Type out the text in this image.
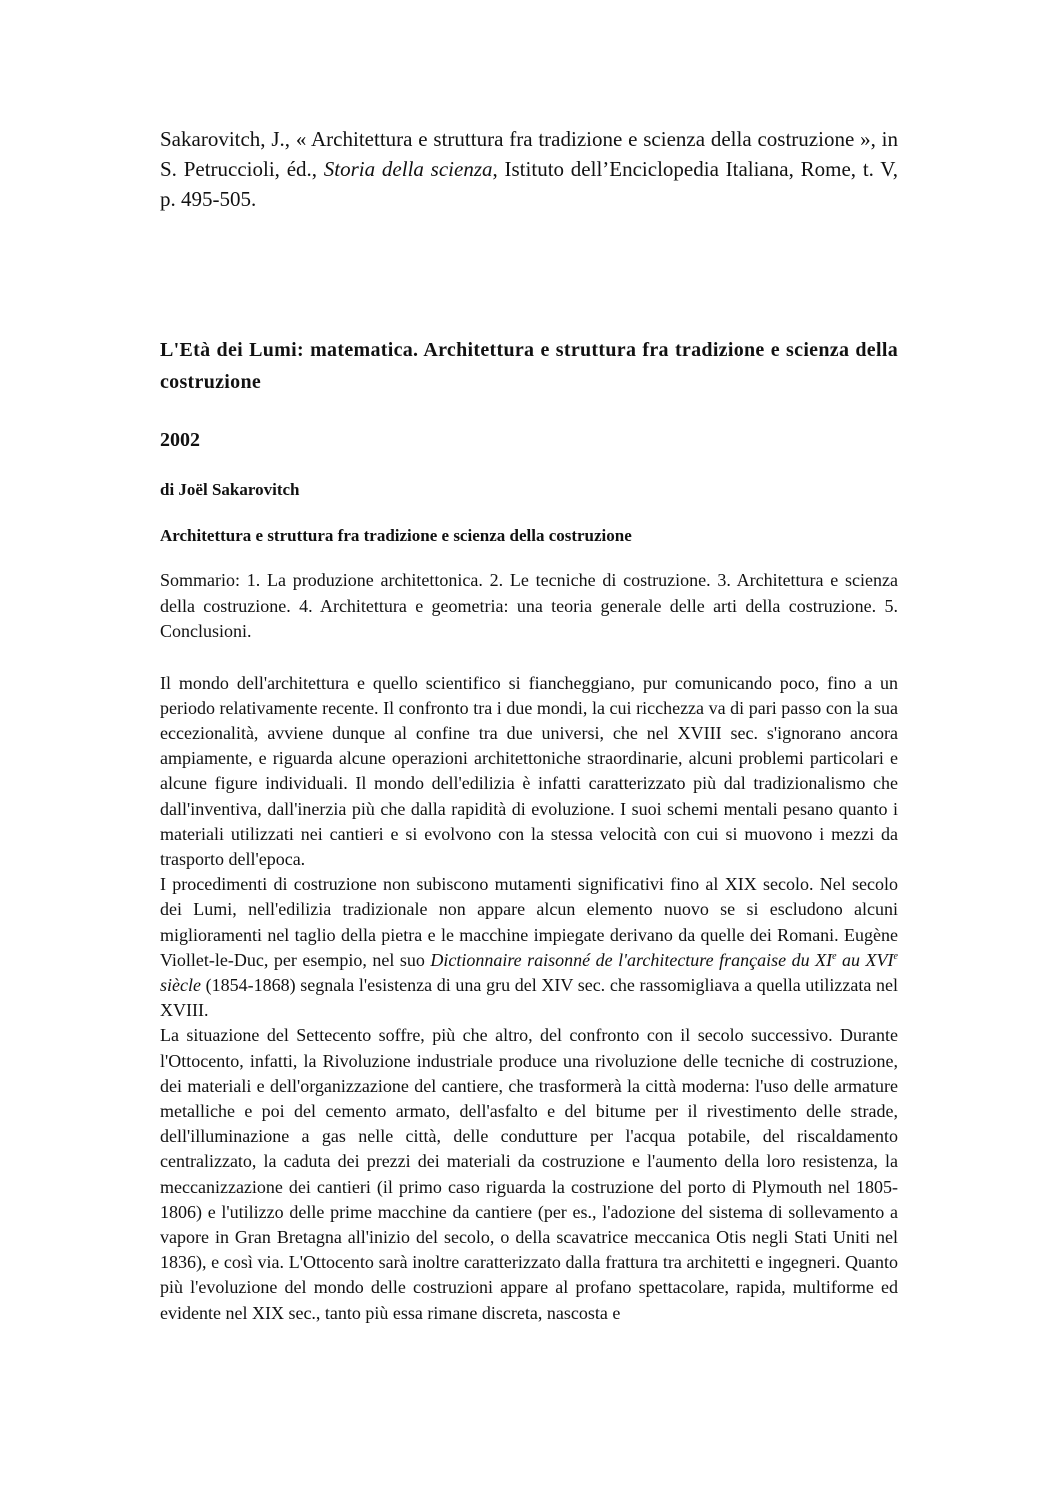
Sakarovitch, J., « Architettura e struttura fra tradizione e scienza della costruzione », in S. Petruccioli, éd., Storia della scienza, Istituto dell’Enciclopedia Italiana, Rome, t. V, p. 495-505.

L'Età dei Lumi: matematica. Architettura e struttura fra tradizione e scienza della costruzione
2002
di Joël Sakarovitch
Architettura e struttura fra tradizione e scienza della costruzione

Sommario: 1. La produzione architettonica. 2. Le tecniche di costruzione. 3. Architettura e scienza della costruzione. 4. Architettura e geometria: una teoria generale delle arti della costruzione. 5. Conclusioni.

Il mondo dell'architettura e quello scientifico si fiancheggiano, pur comunicando poco, fino a un periodo relativamente recente. Il confronto tra i due mondi, la cui ricchezza va di pari passo con la sua eccezionalità, avviene dunque al confine tra due universi, che nel XVIII sec. s'ignorano ancora ampiamente, e riguarda alcune operazioni architettoniche straordinarie, alcuni problemi particolari e alcune figure individuali. Il mondo dell'edilizia è infatti caratterizzato più dal tradizionalismo che dall'inventiva, dall'inerzia più che dalla rapidità di evoluzione. I suoi schemi mentali pesano quanto i materiali utilizzati nei cantieri e si evolvono con la stessa velocità con cui si muovono i mezzi da trasporto dell'epoca.

I procedimenti di costruzione non subiscono mutamenti significativi fino al XIX secolo. Nel secolo dei Lumi, nell'edilizia tradizionale non appare alcun elemento nuovo se si escludono alcuni miglioramenti nel taglio della pietra e le macchine impiegate derivano da quelle dei Romani. Eugène Viollet-le-Duc, per esempio, nel suo Dictionnaire raisonné de l'architecture française du XIe au XVIe siècle (1854-1868) segnala l'esistenza di una gru del XIV sec. che rassomigliava a quella utilizzata nel XVIII.

La situazione del Settecento soffre, più che altro, del confronto con il secolo successivo. Durante l'Ottocento, infatti, la Rivoluzione industriale produce una rivoluzione delle tecniche di costruzione, dei materiali e dell'organizzazione del cantiere, che trasformerà la città moderna: l'uso delle armature metalliche e poi del cemento armato, dell'asfalto e del bitume per il rivestimento delle strade, dell'illuminazione a gas nelle città, delle condutture per l'acqua potabile, del riscaldamento centralizzato, la caduta dei prezzi dei materiali da costruzione e l'aumento della loro resistenza, la meccanizzazione dei cantieri (il primo caso riguarda la costruzione del porto di Plymouth nel 1805-1806) e l'utilizzo delle prime macchine da cantiere (per es., l'adozione del sistema di sollevamento a vapore in Gran Bretagna all'inizio del secolo, o della scavatrice meccanica Otis negli Stati Uniti nel 1836), e così via. L'Ottocento sarà inoltre caratterizzato dalla frattura tra architetti e ingegneri. Quanto più l'evoluzione del mondo delle costruzioni appare al profano spettacolare, rapida, multiforme ed evidente nel XIX sec., tanto più essa rimane discreta, nascosta e
